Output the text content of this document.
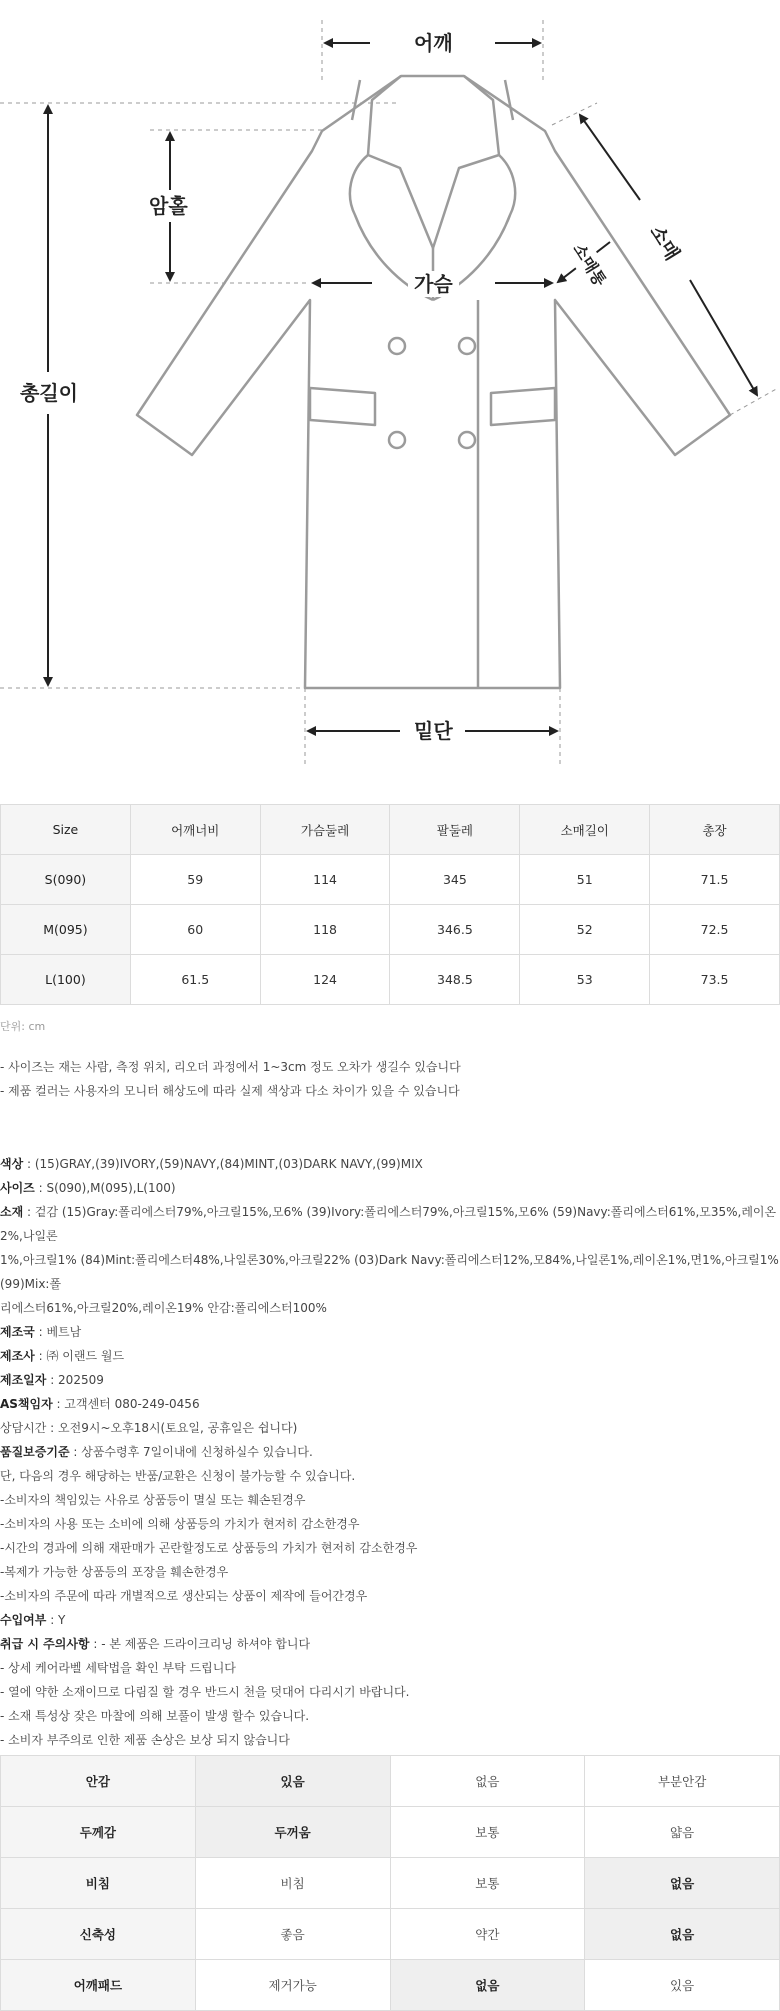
어깨
암홀
가슴
총길이
밑단
소매
소매통
Size	어깨너비	가슴둘레	팔둘레	소매길이	총장
S(090)	59	114	345	51	71.5
M(095)	60	118	346.5	52	72.5
L(100)	61.5	124	348.5	53	73.5
단위: cm
- 사이즈는 재는 사람, 측정 위치, 리오더 과정에서 1~3cm 정도 오차가 생길수 있습니다
- 제품 컬러는 사용자의 모니터 해상도에 따라 실제 색상과 다소 차이가 있을 수 있습니다
색상 : (15)GRAY,(39)IVORY,(59)NAVY,(84)MINT,(03)DARK NAVY,(99)MIX
사이즈 : S(090),M(095),L(100)
소재 : 겉감 (15)Gray:폴리에스터79%,아크릴15%,모6% (39)Ivory:폴리에스터79%,아크릴15%,모6% (59)Navy:폴리에스터61%,모35%,레이온2%,나일론
1%,아크릴1% (84)Mint:폴리에스터48%,나일론30%,아크릴22% (03)Dark Navy:폴리에스터12%,모84%,나일론1%,레이온1%,면1%,아크릴1% (99)Mix:폴
리에스터61%,아크릴20%,레이온19% 안감:폴리에스터100%
제조국 : 베트남
제조사 : ㈜ 이랜드 월드
제조일자 : 202509
AS책임자 : 고객센터 080-249-0456
상담시간 : 오전9시~오후18시(토요일, 공휴일은 쉽니다)
품질보증기준 : 상품수령후 7일이내에 신청하실수 있습니다.
단, 다음의 경우 해당하는 반품/교환은 신청이 불가능할 수 있습니다.
-소비자의 책임있는 사유로 상품등이 멸실 또는 훼손된경우
-소비자의 사용 또는 소비에 의해 상품등의 가치가 현저히 감소한경우
-시간의 경과에 의해 재판매가 곤란할정도로 상품등의 가치가 현저히 감소한경우
-복제가 가능한 상품등의 포장을 훼손한경우
-소비자의 주문에 따라 개별적으로 생산되는 상품이 제작에 들어간경우
수입여부 : Y
취급 시 주의사항 : - 본 제품은 드라이크리닝 하셔야 합니다
- 상세 케어라벨 세탁법을 확인 부탁 드립니다
- 열에 약한 소재이므로 다림질 할 경우 반드시 천을 덧대어 다리시기 바랍니다.
- 소재 특성상 잦은 마찰에 의해 보풀이 발생 할수 있습니다.
- 소비자 부주의로 인한 제품 손상은 보상 되지 않습니다
안감	있음	없음	부분안감
두께감	두꺼움	보통	얇음
비침	비침	보통	없음
신축성	좋음	약간	없음
어깨패드	제거가능	없음	있음
